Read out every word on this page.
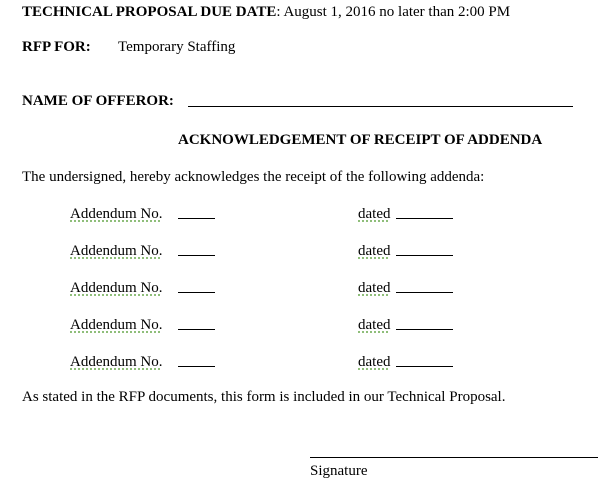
TECHNICAL PROPOSAL DUE DATE: August 1, 2016 no later than 2:00 PM
RFP FOR: Temporary Staffing
NAME OF OFFEROR:
ACKNOWLEDGEMENT OF RECEIPT OF ADDENDA
The undersigned, hereby acknowledges the receipt of the following addenda:
Addendum No.	dated
Addendum No.	dated
Addendum No.	dated
Addendum No.	dated
Addendum No.	dated
As stated in the RFP documents, this form is included in our Technical Proposal.
Signature
